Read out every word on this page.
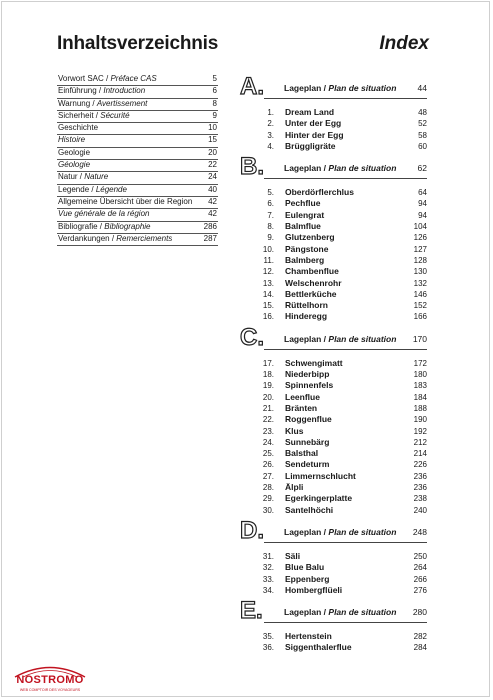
Inhaltsverzeichnis	Index
Vorwort SAC / Préface CAS	5
Einführung / Introduction	6
Warnung / Avertissement	8
Sicherheit / Sécurité	9
Geschichte	10
Histoire	15
Geologie	20
Géologie	22
Natur / Nature	24
Legende / Légende	40
Allgemeine Übersicht über die Region 42
Vue générale de la région	42
Bibliografie / Bibliographie	286
Verdankungen / Remerciements	287
A. Lageplan / Plan de situation 44
1. Dream Land	48
2. Unter der Egg	52
3. Hinter der Egg	58
4. Brüggligräte	60
B. Lageplan / Plan de situation 62
5. Oberdörflerchlus	64
6. Pechflue	94
7. Eulengrat	94
8. Balmflue	104
9. Glutzenberg	126
10. Pängstone	127
11. Balmberg	128
12. Chambenflue	130
13. Welschenrohr	132
14. Bettlerküche	146
15. Rüttelhorn	152
16. Hinderegg	166
C. Lageplan / Plan de situation 170
17. Schwengimatt	172
18. Niederbipp	180
19. Spinnenfels	183
20. Leenflue	184
21. Bränten	188
22. Roggenflue	190
23. Klus	192
24. Sunnebärg	212
25. Balsthal	214
26. Sendeturm	226
27. Limmernschlucht	236
28. Älpli	236
29. Egerkingerplatte	238
30. Santelhöchi	240
D. Lageplan / Plan de situation 248
31. Säli	250
32. Blue Balu	264
33. Eppenberg	266
34. Hombergflüeli	276
E.	Lageplan / Plan de situation 280
35. Hertenstein	282
36. Siggenthalerflue	284
NOSTROMO
WEB COMPTOIR DES VOYAGEURS
